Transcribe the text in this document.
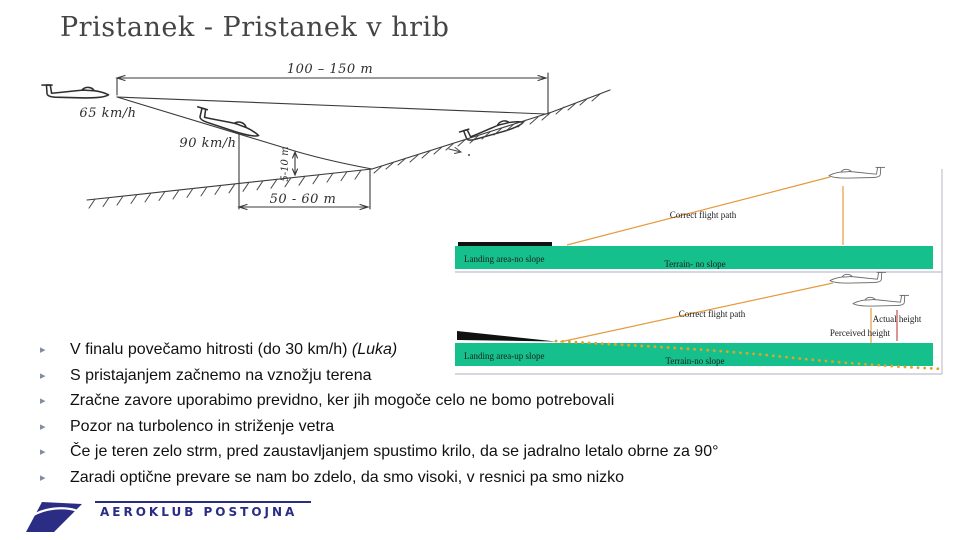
Pristanek - Pristanek v hrib
100 – 150 m
65 km/h
90 km/h
5-10 m
50 - 60 m
Correct flight path
Landing area-no slope	Terrain- no slope
Correct flight path	Actual height
Perceived height
Landing area-up slope	Terrain-no slope
▸ V finalu povečamo hitrosti (do 30 km/h) (Luka)
▸ S pristajanjem začnemo na vznožju terena
▸ Zračne zavore uporabimo previdno, ker jih mogoče celo ne bomo potrebovali
▸ Pozor na turbolenco in striženje vetra
▸ Če je teren zelo strm, pred zaustavljanjem spustimo krilo, da se jadralno letalo obrne za 90°
▸ Zaradi optične prevare se nam bo zdelo, da smo visoki, v resnici pa smo nizko
AEROKLUB POSTOJNA
